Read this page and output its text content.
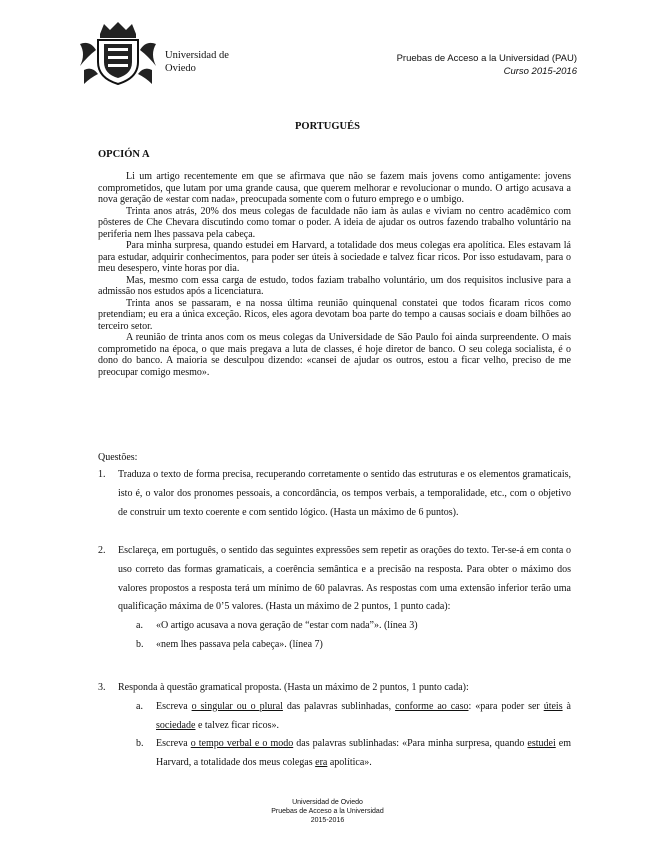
Universidad de
Oviedo
Pruebas de Acceso a la Universidad (PAU)
Curso 2015-2016
PORTUGUÉS
OPCIÓN A

Li um artigo recentemente em que se afirmava que não se fazem mais jovens como antigamente: jovens comprometidos, que lutam por uma grande causa, que querem melhorar e revolucionar o mundo. O artigo acusava a nova geração de «estar com nada», preocupada somente com o futuro emprego e o umbigo.

Trinta anos atrás, 20% dos meus colegas de faculdade não iam às aulas e viviam no centro acadêmico com pôsteres de Che Chevara discutindo como tomar o poder. A ideia de ajudar os outros fazendo trabalho voluntário na periferia nem lhes passava pela cabeça.

Para minha surpresa, quando estudei em Harvard, a totalidade dos meus colegas era apolítica. Eles estavam lá para estudar, adquirir conhecimentos, para poder ser úteis à sociedade e talvez ficar ricos. Por isso estudavam, para o meu desespero, vinte horas por dia.

Mas, mesmo com essa carga de estudo, todos faziam trabalho voluntário, um dos requisitos inclusive para a admissão nos estudos após a licenciatura.

Trinta anos se passaram, e na nossa última reunião quinquenal constatei que todos ficaram ricos como pretendiam; eu era a única exceção. Ricos, eles agora devotam boa parte do tempo a causas sociais e doam bilhões ao terceiro setor.

A reunião de trinta anos com os meus colegas da Universidade de São Paulo foi ainda surpreendente. O mais comprometido na época, o que mais pregava a luta de classes, é hoje diretor de banco. O seu colega socialista, é o dono do banco. A maioria se desculpou dizendo: «cansei de ajudar os outros, estou a ficar velho, preciso de me preocupar comigo mesmo».

Questões:
1. Traduza o texto de forma precisa, recuperando corretamente o sentido das estruturas e os elementos gramaticais, isto é, o valor dos pronomes pessoais, a concordância, os tempos verbais, a temporalidade, etc., com o objetivo de construir um texto coerente e com sentido lógico. (Hasta un máximo de 6 puntos).
2. Esclareça, em português, o sentido das seguintes expressões sem repetir as orações do texto. Ter-se-á em conta o uso correto das formas gramaticais, a coerência semântica e a precisão na resposta. Para obter o máximo dos valores propostos a resposta terá um mínimo de 60 palavras. As respostas com uma extensão inferior terão uma qualificação máxima de 0’5 valores. (Hasta un máximo de 2 puntos, 1 punto cada):
a. «O artigo acusava a nova geração de “estar com nada”». (línea 3)
b. «nem lhes passava pela cabeça». (línea 7)
3. Responda à questão gramatical proposta. (Hasta un máximo de 2 puntos, 1 punto cada):
a. Escreva o singular ou o plural das palavras sublinhadas, conforme ao caso: «para poder ser úteis à sociedade e talvez ficar ricos».
b. Escreva o tempo verbal e o modo das palavras sublinhadas: «Para minha surpresa, quando estudei em Harvard, a totalidade dos meus colegas era apolítica».
Universidad de Oviedo
Pruebas de Acceso a la Universidad
2015-2016
